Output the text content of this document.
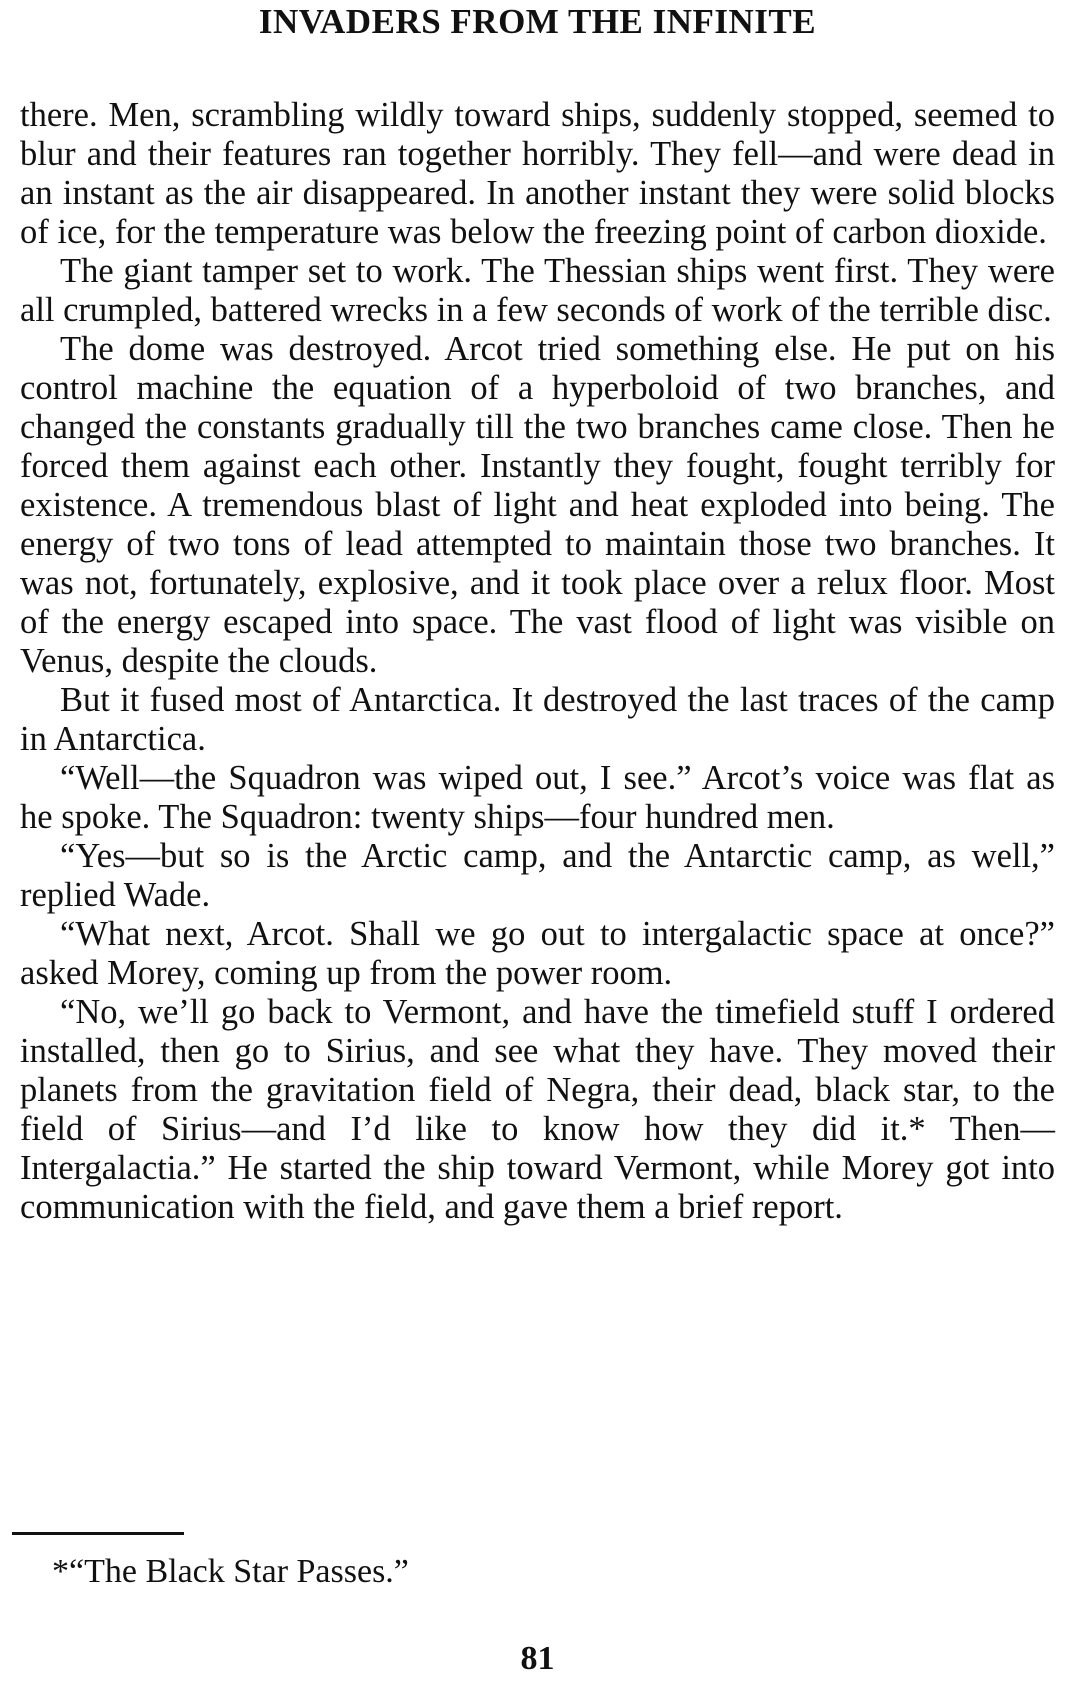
INVADERS FROM THE INFINITE

there. Men, scrambling wildly toward ships, suddenly stopped, seemed to blur and their features ran together horribly. They fell—and were dead in an instant as the air disappeared. In another instant they were solid blocks of ice, for the temperature was below the freezing point of carbon dioxide.

The giant tamper set to work. The Thessian ships went first. They were all crumpled, battered wrecks in a few seconds of work of the terrible disc.

The dome was destroyed. Arcot tried something else. He put on his control machine the equation of a hyperboloid of two branches, and changed the constants gradually till the two branches came close. Then he forced them against each other. Instantly they fought, fought terribly for existence. A tremendous blast of light and heat exploded into being. The energy of two tons of lead attempted to maintain those two branches. It was not, fortunately, explosive, and it took place over a relux floor. Most of the energy escaped into space. The vast flood of light was visible on Venus, despite the clouds.

But it fused most of Antarctica. It destroyed the last traces of the camp in Antarctica.

“Well—the Squadron was wiped out, I see.” Arcot’s voice was flat as he spoke. The Squadron: twenty ships—four hundred men.

“Yes—but so is the Arctic camp, and the Antarctic camp, as well,” replied Wade.

“What next, Arcot. Shall we go out to intergalactic space at once?” asked Morey, coming up from the power room.

“No, we’ll go back to Vermont, and have the timefield stuff I ordered installed, then go to Sirius, and see what they have. They moved their planets from the gravitation field of Negra, their dead, black star, to the field of Sirius—and I’d like to know how they did it.* Then—Intergalactia.” He started the ship toward Vermont, while Morey got into communication with the field, and gave them a brief report.

*“The Black Star Passes.”
81
